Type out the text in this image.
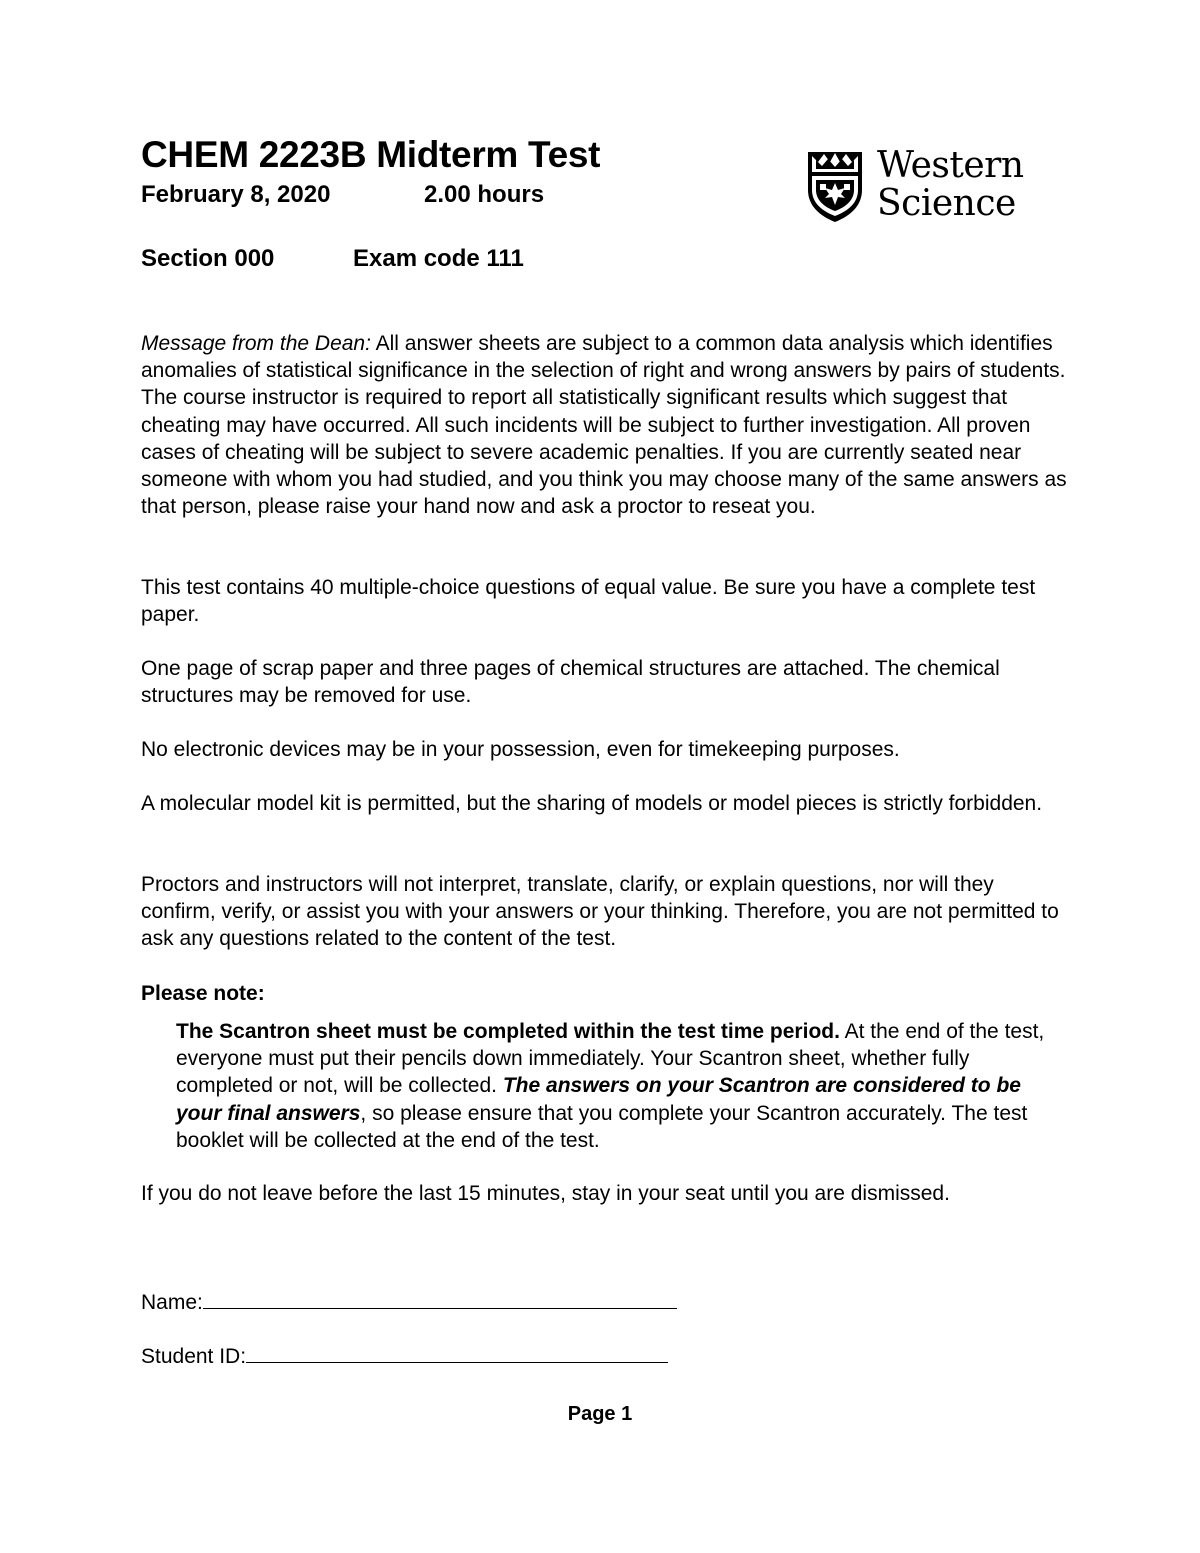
CHEM 2223B Midterm Test
February 8, 2020	2.00 hours
Section 000	Exam code 111
Western
Science

Message from the Dean: All answer sheets are subject to a common data analysis which identifies anomalies of statistical significance in the selection of right and wrong answers by pairs of students. The course instructor is required to report all statistically significant results which suggest that cheating may have occurred. All such incidents will be subject to further investigation. All proven cases of cheating will be subject to severe academic penalties. If you are currently seated near someone with whom you had studied, and you think you may choose many of the same answers as that person, please raise your hand now and ask a proctor to reseat you.

This test contains 40 multiple-choice questions of equal value. Be sure you have a complete test paper.
One page of scrap paper and three pages of chemical structures are attached. The chemical structures may be removed for use.
No electronic devices may be in your possession, even for timekeeping purposes.
A molecular model kit is permitted, but the sharing of models or model pieces is strictly forbidden.
Proctors and instructors will not interpret, translate, clarify, or explain questions, nor will they confirm, verify, or assist you with your answers or your thinking. Therefore, you are not permitted to ask any questions related to the content of the test.
Please note:

The Scantron sheet must be completed within the test time period. At the end of the test, everyone must put their pencils down immediately. Your Scantron sheet, whether fully completed or not, will be collected. The answers on your Scantron are considered to be your final answers, so please ensure that you complete your Scantron accurately. The test booklet will be collected at the end of the test.

If you do not leave before the last 15 minutes, stay in your seat until you are dismissed.
Name:
Student ID:
Page 1
